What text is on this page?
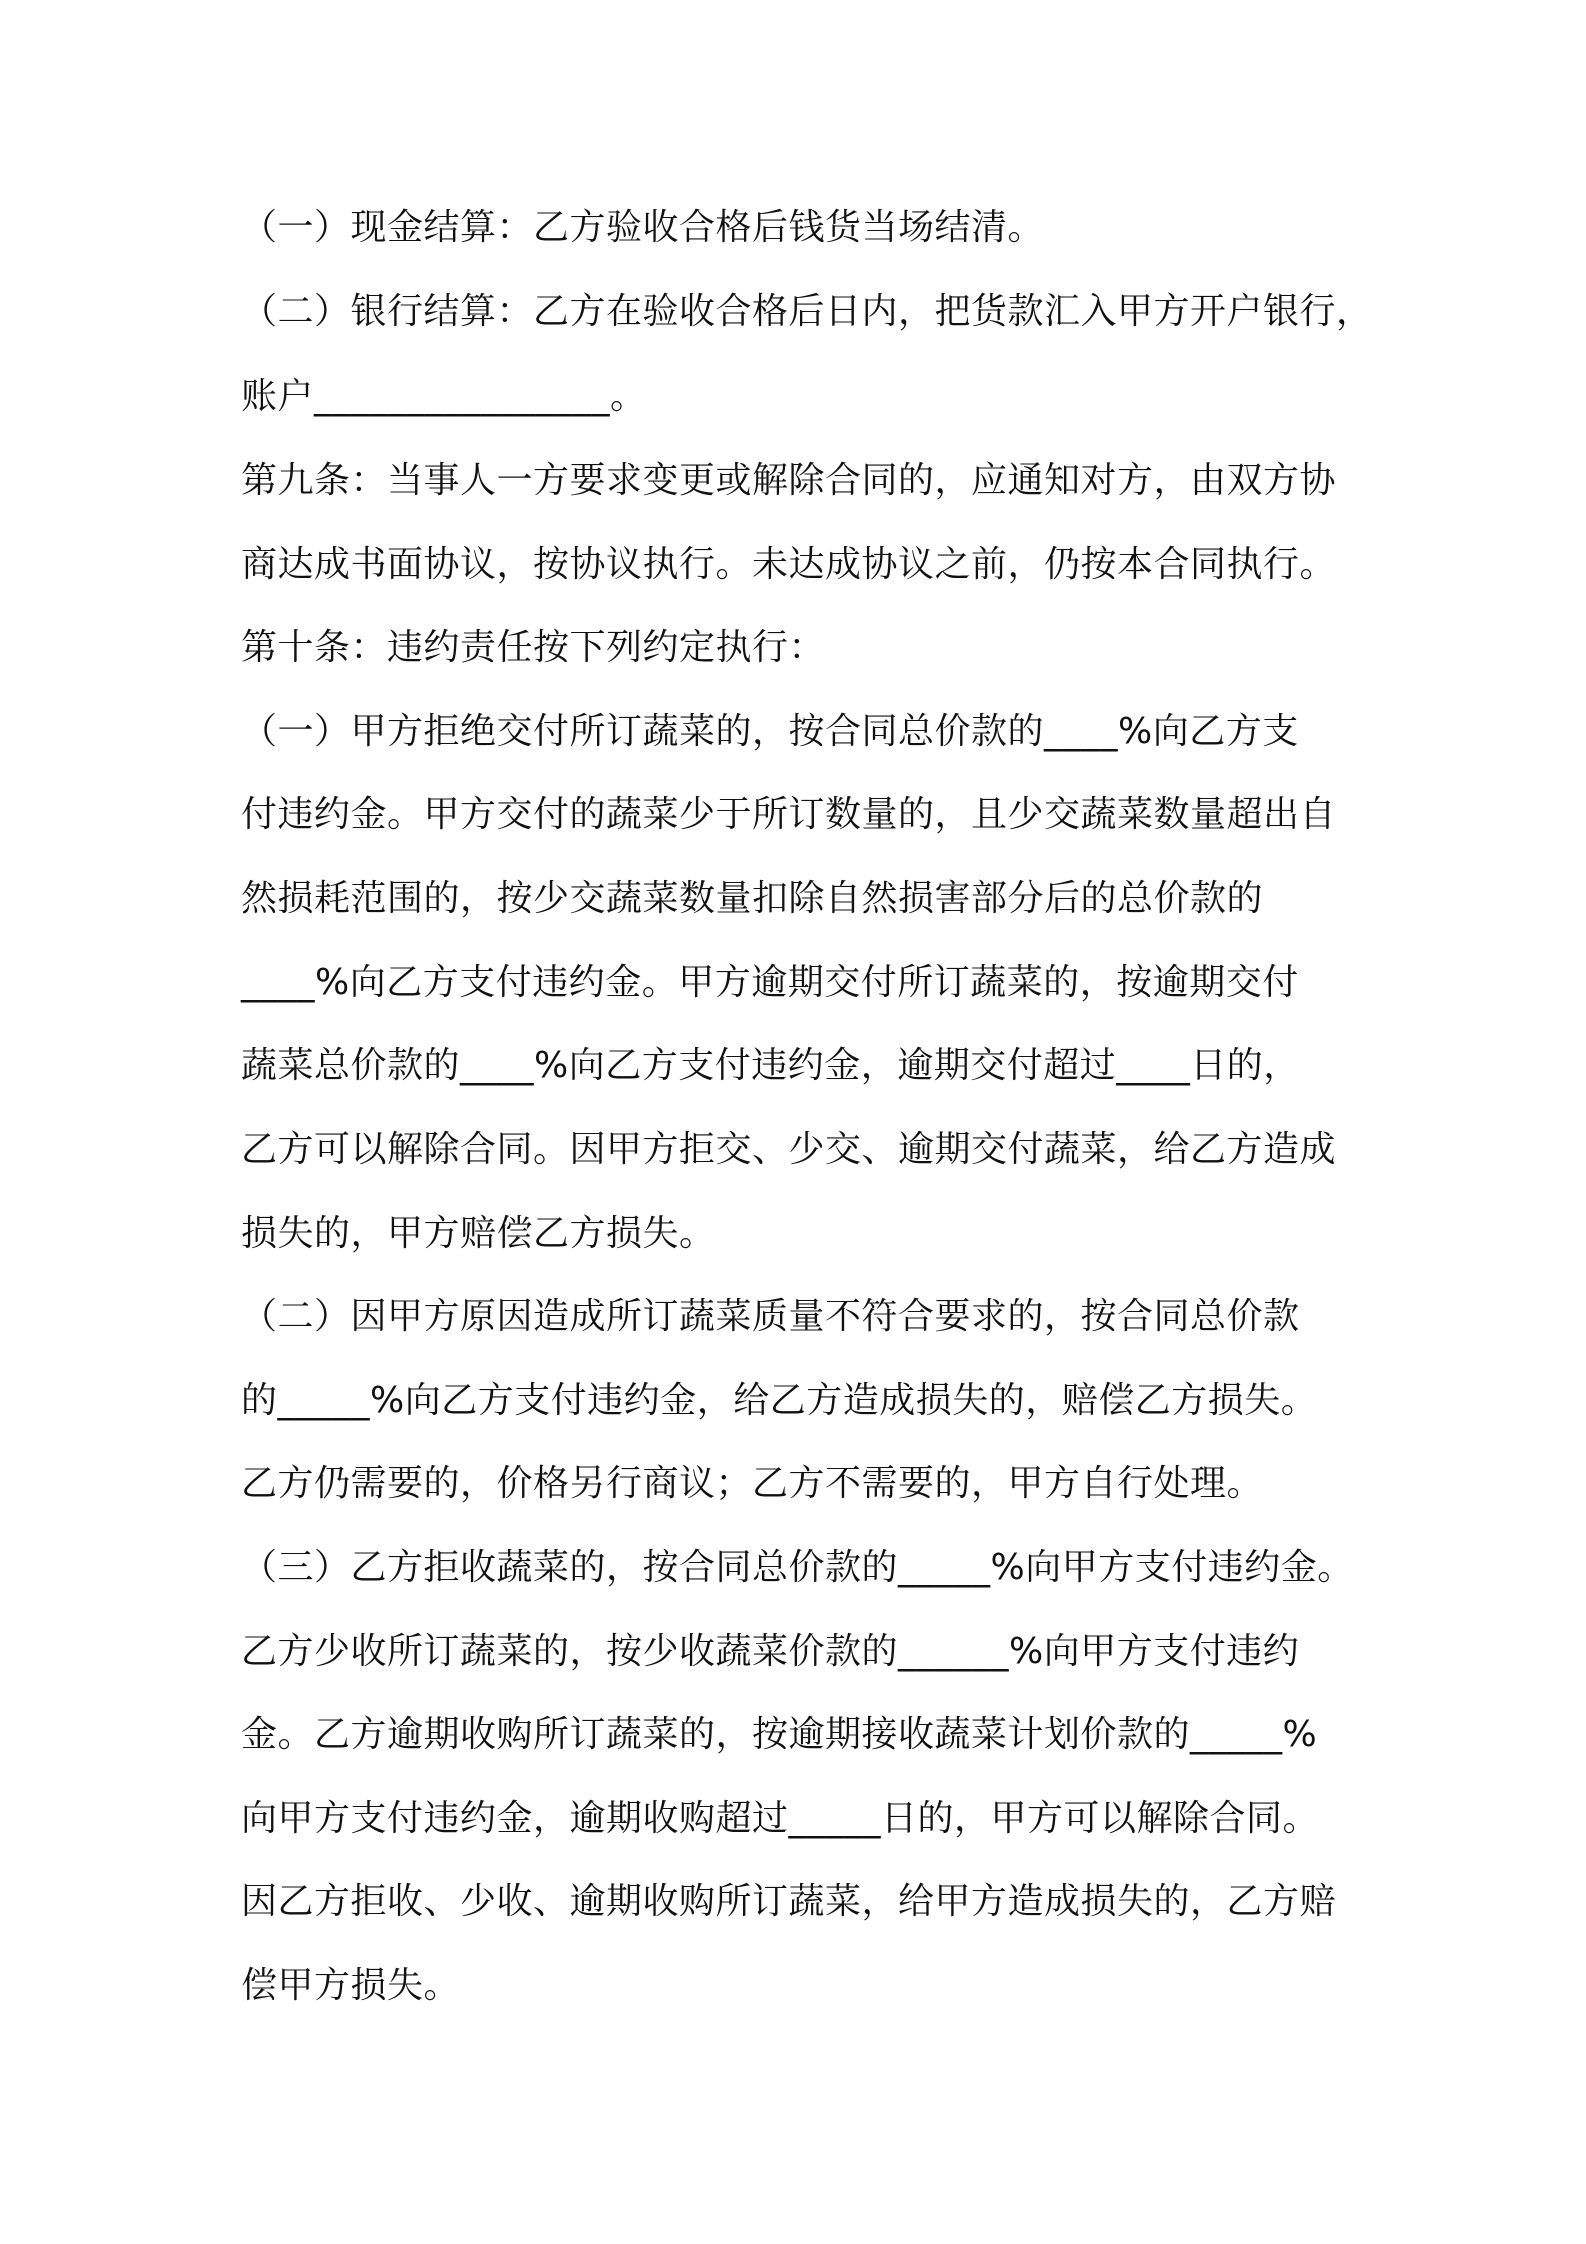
（一）现金结算：乙方验收合格后钱货当场结清。
（二）银行结算：乙方在验收合格后日内，把货款汇入甲方开户银行，
账户________________。
第九条：当事人一方要求变更或解除合同的，应通知对方，由双方协
商达成书面协议，按协议执行。未达成协议之前，仍按本合同执行。
第十条：违约责任按下列约定执行：
（一）甲方拒绝交付所订蔬菜的，按合同总价款的____%向乙方支
付违约金。甲方交付的蔬菜少于所订数量的，且少交蔬菜数量超出自
然损耗范围的，按少交蔬菜数量扣除自然损害部分后的总价款的
____%向乙方支付违约金。甲方逾期交付所订蔬菜的，按逾期交付
蔬菜总价款的____%向乙方支付违约金，逾期交付超过____日的，
乙方可以解除合同。因甲方拒交、少交、逾期交付蔬菜，给乙方造成
损失的，甲方赔偿乙方损失。
（二）因甲方原因造成所订蔬菜质量不符合要求的，按合同总价款
的_____%向乙方支付违约金，给乙方造成损失的，赔偿乙方损失。
乙方仍需要的，价格另行商议；乙方不需要的，甲方自行处理。
（三）乙方拒收蔬菜的，按合同总价款的_____%向甲方支付违约金。
乙方少收所订蔬菜的，按少收蔬菜价款的______%向甲方支付违约
金。乙方逾期收购所订蔬菜的，按逾期接收蔬菜计划价款的_____%
向甲方支付违约金，逾期收购超过_____日的，甲方可以解除合同。
因乙方拒收、少收、逾期收购所订蔬菜，给甲方造成损失的，乙方赔
偿甲方损失。
